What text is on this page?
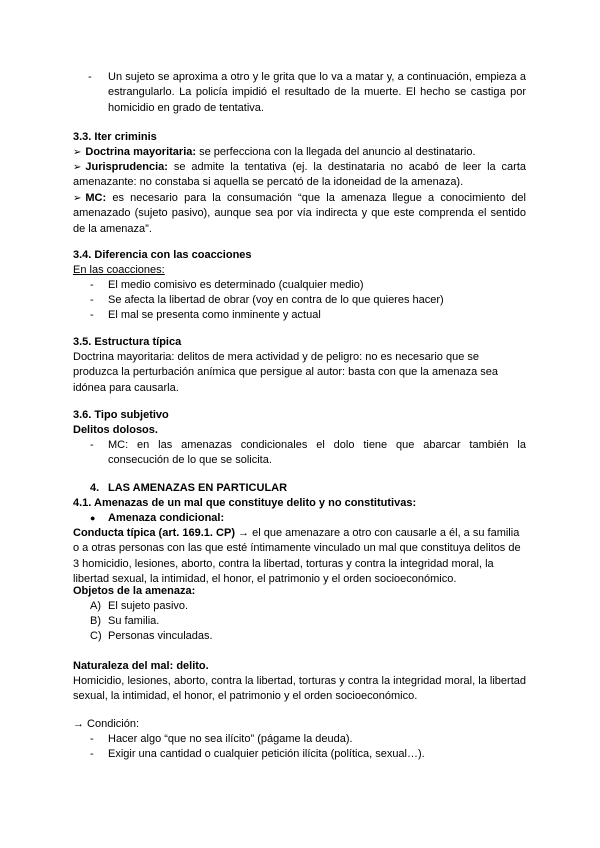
-	Un sujeto se aproxima a otro y le grita que lo va a matar y, a continuación, empieza a estrangularlo. La policía impidió el resultado de la muerte. El hecho se castiga por homicidio en grado de tentativa.
3.3. Iter criminis
➢ Doctrina mayoritaria: se perfecciona con la llegada del anuncio al destinatario.
➢ Jurisprudencia: se admite la tentativa (ej. la destinataria no acabó de leer la carta amenazante: no constaba si aquella se percató de la idoneidad de la amenaza).
➢ MC: es necesario para la consumación “que la amenaza llegue a conocimiento del amenazado (sujeto pasivo), aunque sea por vía indirecta y que este comprenda el sentido de la amenaza”.
3.4. Diferencia con las coacciones
En las coacciones:
-	El medio comisivo es determinado (cualquier medio)
-	Se afecta la libertad de obrar (voy en contra de lo que quieres hacer)
-	El mal se presenta como inminente y actual
3.5. Estructura típica
Doctrina mayoritaria: delitos de mera actividad y de peligro: no es necesario que se produzca la perturbación anímica que persigue al autor: basta con que la amenaza sea idónea para causarla.
3.6. Tipo subjetivo
Delitos dolosos.
-	MC: en las amenazas condicionales el dolo tiene que abarcar también la consecución de lo que se solicita.
4. LAS AMENAZAS EN PARTICULAR
4.1. Amenazas de un mal que constituye delito y no constitutivas:
● Amenaza condicional:
Conducta típica (art. 169.1. CP) → el que amenazare a otro con causarle a él, a su familia o a otras personas con las que esté íntimamente vinculado un mal que constituya delitos de 3 homicidio, lesiones, aborto, contra la libertad, torturas y contra la integridad moral, la libertad sexual, la intimidad, el honor, el patrimonio y el orden socioeconómico.
Objetos de la amenaza:
A) El sujeto pasivo.
B) Su familia.
C) Personas vinculadas.
Naturaleza del mal: delito.
Homicidio, lesiones, aborto, contra la libertad, torturas y contra la integridad moral, la libertad sexual, la intimidad, el honor, el patrimonio y el orden socioeconómico.
→ Condición:
-	Hacer algo “que no sea ilícito” (págame la deuda).
-	Exigir una cantidad o cualquier petición ilícita (política, sexual…).
